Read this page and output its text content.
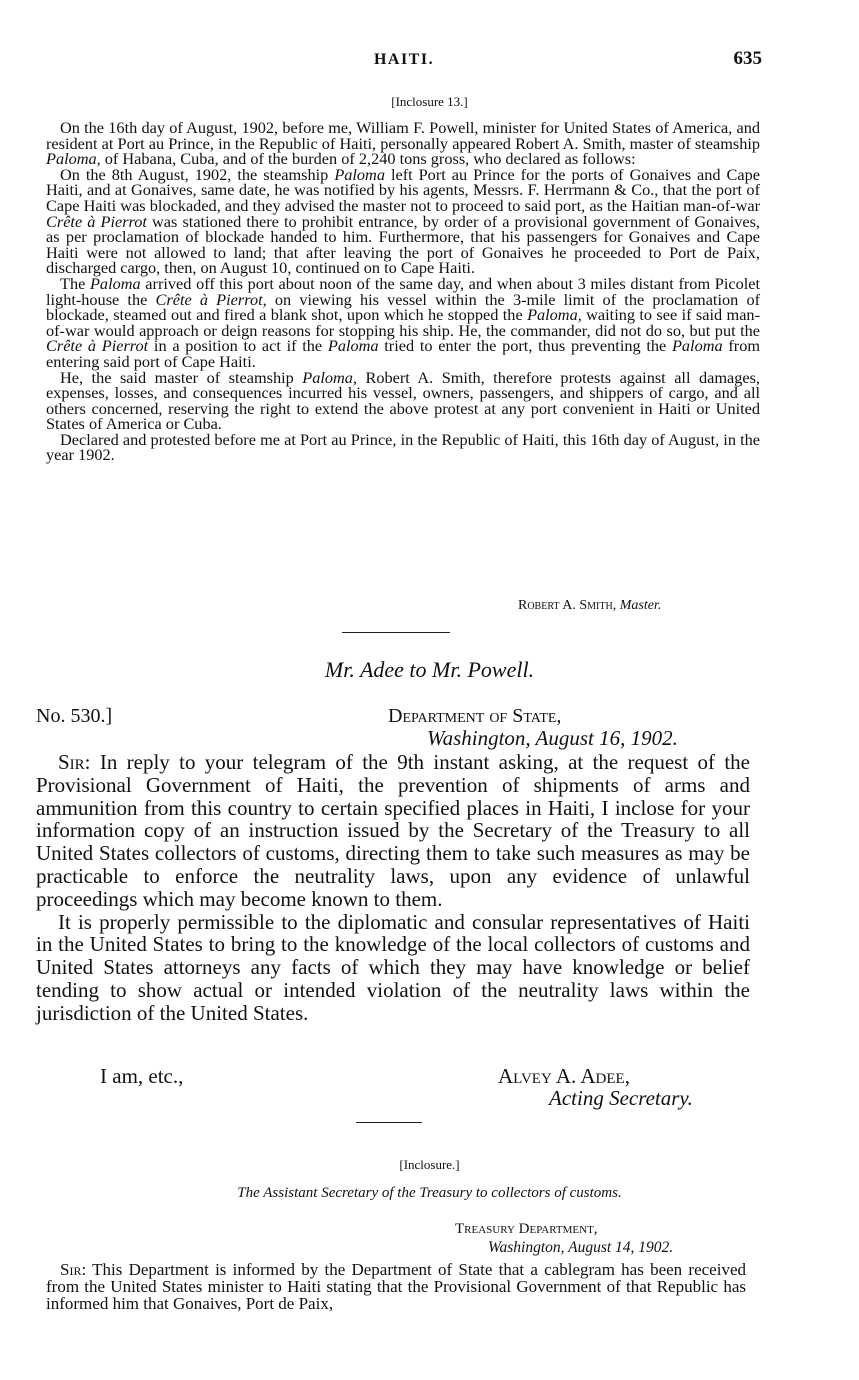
HAITI.	635
[Inclosure 13.]

On the 16th day of August, 1902, before me, William F. Powell, minister for United States of America, and resident at Port au Prince, in the Republic of Haiti, personally appeared Robert A. Smith, master of steamship Paloma, of Habana, Cuba, and of the burden of 2,240 tons gross, who declared as follows:

On the 8th August, 1902, the steamship Paloma left Port au Prince for the ports of Gonaives and Cape Haiti, and at Gonaives, same date, he was notified by his agents, Messrs. F. Herrmann & Co., that the port of Cape Haiti was blockaded, and they advised the master not to proceed to said port, as the Haitian man-of-war Crête à Pierrot was stationed there to prohibit entrance, by order of a provisional government of Gonaives, as per proclamation of blockade handed to him. Furthermore, that his passengers for Gonaives and Cape Haiti were not allowed to land; that after leaving the port of Gonaives he proceeded to Port de Paix, discharged cargo, then, on August 10, continued on to Cape Haiti.

The Paloma arrived off this port about noon of the same day, and when about 3 miles distant from Picolet light-house the Crête à Pierrot, on viewing his vessel within the 3-mile limit of the proclamation of blockade, steamed out and fired a blank shot, upon which he stopped the Paloma, waiting to see if said man-of-war would approach or deign reasons for stopping his ship. He, the commander, did not do so, but put the Crête à Pierrot in a position to act if the Paloma tried to enter the port, thus preventing the Paloma from entering said port of Cape Haiti.

He, the said master of steamship Paloma, Robert A. Smith, therefore protests against all damages, expenses, losses, and consequences incurred his vessel, owners, passengers, and shippers of cargo, and all others concerned, reserving the right to extend the above protest at any port convenient in Haiti or United States of America or Cuba.

Declared and protested before me at Port au Prince, in the Republic of Haiti, this 16th day of August, in the year 1902.

Robert A. Smith, Master.
Mr. Adee to Mr. Powell.
No. 530.]	Department of State,
Washington, August 16, 1902.

Sir: In reply to your telegram of the 9th instant asking, at the request of the Provisional Government of Haiti, the prevention of shipments of arms and ammunition from this country to certain specified places in Haiti, I inclose for your information copy of an instruction issued by the Secretary of the Treasury to all United States collectors of customs, directing them to take such measures as may be practicable to enforce the neutrality laws, upon any evidence of unlawful proceedings which may become known to them.

It is properly permissible to the diplomatic and consular representatives of Haiti in the United States to bring to the knowledge of the local collectors of customs and United States attorneys any facts of which they may have knowledge or belief tending to show actual or intended violation of the neutrality laws within the jurisdiction of the United States.

I am, etc.,	Alvey A. Adee,
Acting Secretary.
[Inclosure.]
The Assistant Secretary of the Treasury to collectors of customs.
Treasury Department,
Washington, August 14, 1902.

Sir: This Department is informed by the Department of State that a cablegram has been received from the United States minister to Haiti stating that the Provisional Government of that Republic has informed him that Gonaives, Port de Paix,
